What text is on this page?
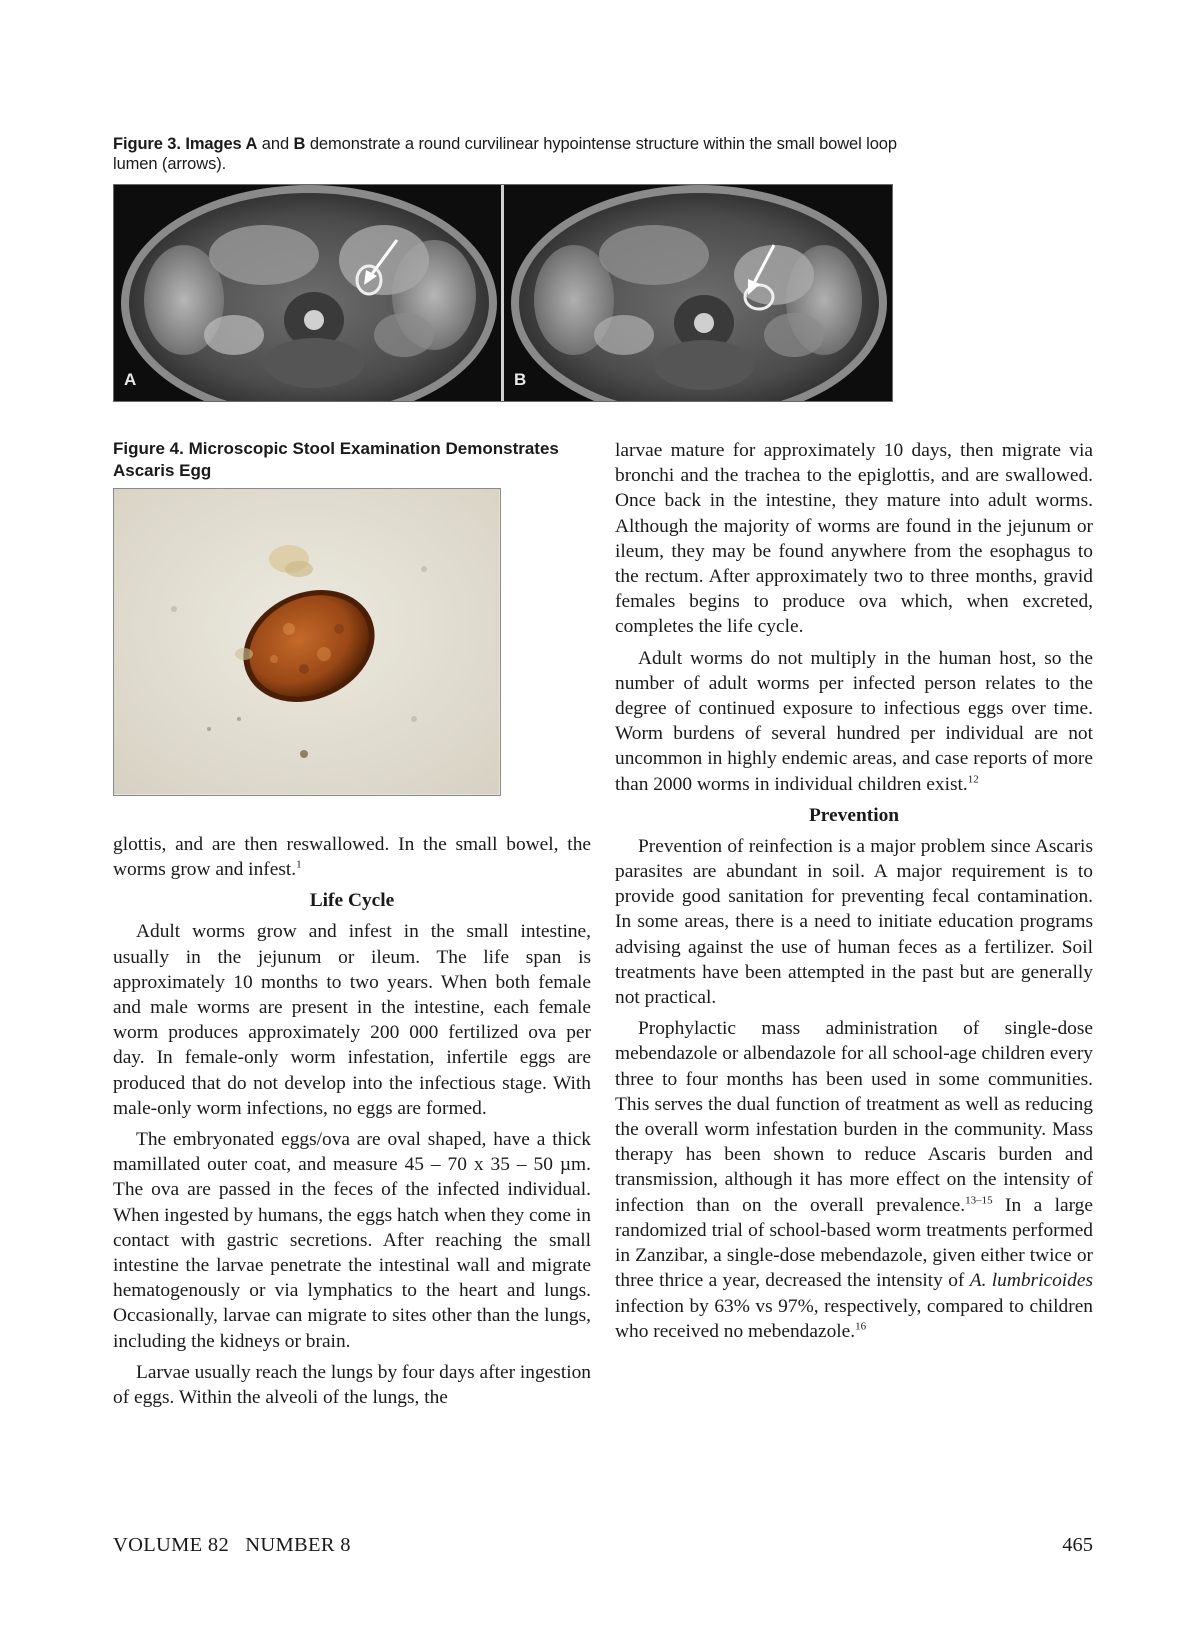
Figure 3. Images A and B demonstrate a round curvilinear hypointense structure within the small bowel loop lumen (arrows).
A	B
Figure 4. Microscopic Stool Examination Demonstrates Ascaris Egg

glottis, and are then reswallowed. In the small bowel, the worms grow and infest.$^1$

Life Cycle

Adult worms grow and infest in the small intestine, usually in the jejunum or ileum. The life span is approximately 10 months to two years. When both female and male worms are present in the intestine, each female worm produces approximately 200 000 fertilized ova per day. In female-only worm infestation, infertile eggs are produced that do not develop into the infectious stage. With male-only worm infections, no eggs are formed.

The embryonated eggs/ova are oval shaped, have a thick mamillated outer coat, and measure 45 – 70 x 35 – 50 µm. The ova are passed in the feces of the infected individual. When ingested by humans, the eggs hatch when they come in contact with gastric secretions. After reaching the small intestine the larvae penetrate the intestinal wall and migrate hematogenously or via lymphatics to the heart and lungs. Occasionally, larvae can migrate to sites other than the lungs, including the kidneys or brain.

Larvae usually reach the lungs by four days after ingestion of eggs. Within the alveoli of the lungs, the

larvae mature for approximately 10 days, then migrate via bronchi and the trachea to the epiglottis, and are swallowed. Once back in the intestine, they mature into adult worms. Although the majority of worms are found in the jejunum or ileum, they may be found anywhere from the esophagus to the rectum. After approximately two to three months, gravid females begins to produce ova which, when excreted, completes the life cycle.

Adult worms do not multiply in the human host, so the number of adult worms per infected person relates to the degree of continued exposure to infectious eggs over time. Worm burdens of several hundred per individual are not uncommon in highly endemic areas, and case reports of more than 2000 worms in individual children exist.$^{12}$

Prevention

Prevention of reinfection is a major problem since Ascaris parasites are abundant in soil. A major requirement is to provide good sanitation for preventing fecal contamination. In some areas, there is a need to initiate education programs advising against the use of human feces as a fertilizer. Soil treatments have been attempted in the past but are generally not practical.

Prophylactic mass administration of single-dose mebendazole or albendazole for all school-age children every three to four months has been used in some communities. This serves the dual function of treatment as well as reducing the overall worm infestation burden in the community. Mass therapy has been shown to reduce Ascaris burden and transmission, although it has more effect on the intensity of infection than on the overall prevalence.$^{13-15}$ In a large randomized trial of school-based worm treatments performed in Zanzibar, a single-dose mebendazole, given either twice or three thrice a year, decreased the intensity of A. lumbricoides infection by 63% vs 97%, respectively, compared to children who received no mebendazole.$^{16}$

VOLUME 82   NUMBER 8	465
